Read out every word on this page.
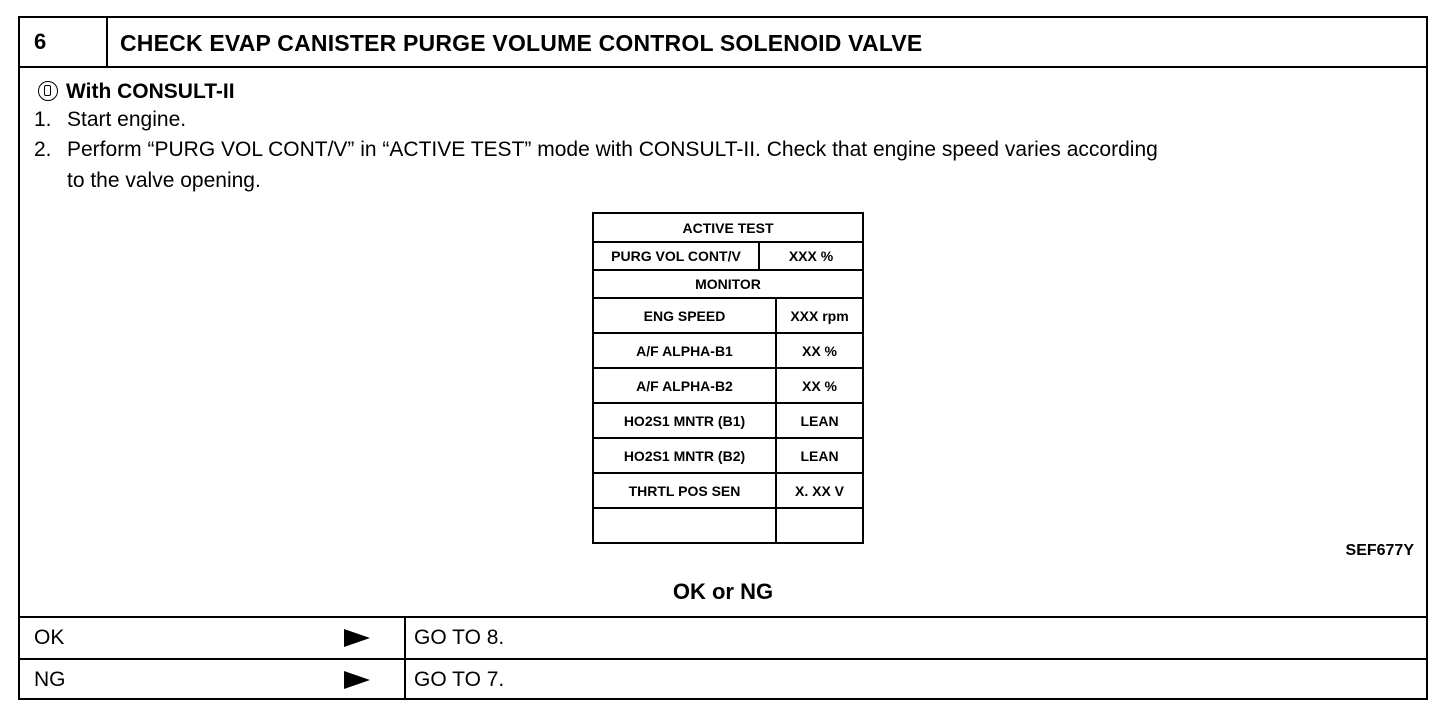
6	CHECK EVAP CANISTER PURGE VOLUME CONTROL SOLENOID VALVE
With CONSULT-II
1. Start engine.
2. Perform “PURG VOL CONT/V” in “ACTIVE TEST” mode with CONSULT-II. Check that engine speed varies according
to the valve opening.
ACTIVE TEST
PURG VOL CONT/V	XXX %
MONITOR
ENG SPEED	XXX rpm
A/F ALPHA-B1	XX %
A/F ALPHA-B2	XX %
HO2S1 MNTR (B1)	LEAN
HO2S1 MNTR (B2)	LEAN
THRTL POS SEN	X. XX V
SEF677Y
OK or NG
OK	GO TO 8.
NG	GO TO 7.
